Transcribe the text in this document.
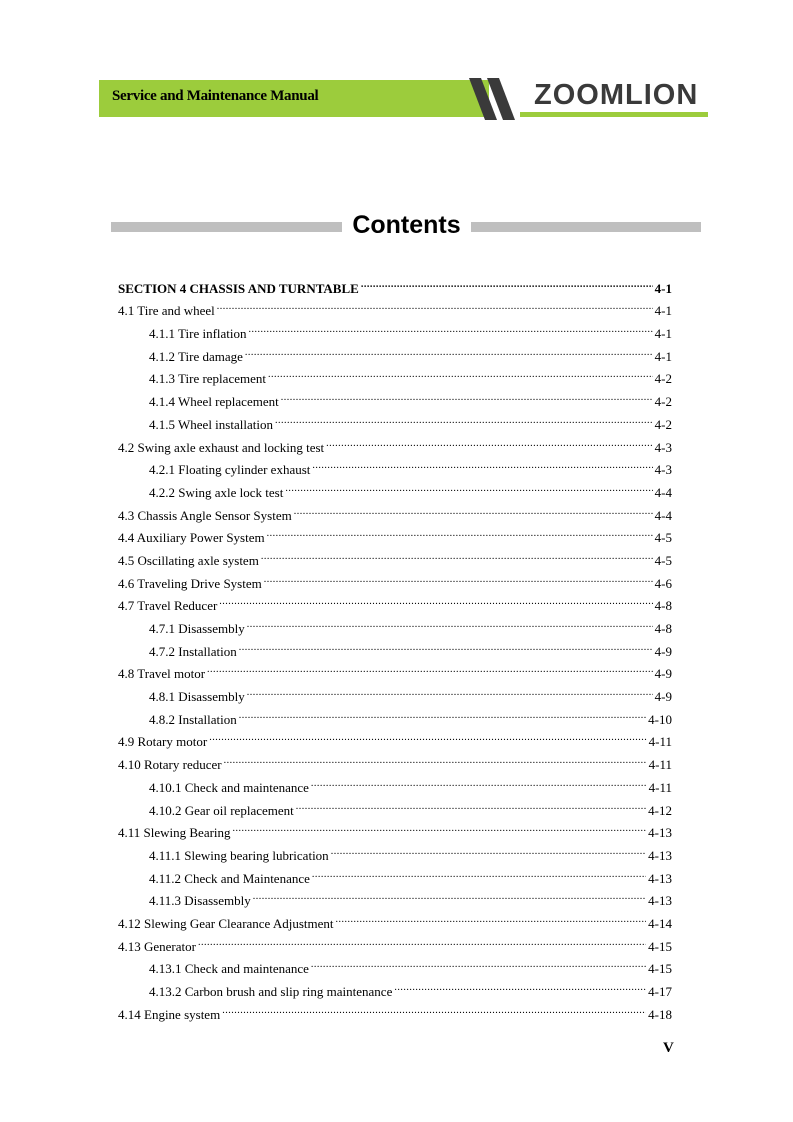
Service and Maintenance Manual	ZOOMLION
Contents
SECTION 4 CHASSIS AND TURNTABLE .....	4-1
4.1 Tire and wheel .....	4-1
4.1.1 Tire inflation .....	4-1
4.1.2 Tire damage .....	4-1
4.1.3 Tire replacement .....	4-2
4.1.4 Wheel replacement .....	4-2
4.1.5 Wheel installation .....	4-2
4.2 Swing axle exhaust and locking test .....	4-3
4.2.1 Floating cylinder exhaust .....	4-3
4.2.2 Swing axle lock test .....	4-4
4.3 Chassis Angle Sensor System .....	4-4
4.4 Auxiliary Power System .....	4-5
4.5 Oscillating axle system .....	4-5
4.6 Traveling Drive System .....	4-6
4.7 Travel Reducer .....	4-8
4.7.1 Disassembly .....	4-8
4.7.2 Installation .....	4-9
4.8 Travel motor .....	4-9
4.8.1 Disassembly .....	4-9
4.8.2 Installation .....	4-10
4.9 Rotary motor .....	4-11
4.10 Rotary reducer .....	4-11
4.10.1 Check and maintenance .....	4-11
4.10.2 Gear oil replacement .....	4-12
4.11 Slewing Bearing .....	4-13
4.11.1 Slewing bearing lubrication .....	4-13
4.11.2 Check and Maintenance .....	4-13
4.11.3 Disassembly .....	4-13
4.12 Slewing Gear Clearance Adjustment .....	4-14
4.13 Generator .....	4-15
4.13.1 Check and maintenance .....	4-15
4.13.2 Carbon brush and slip ring maintenance .....	4-17
4.14 Engine system .....	4-18
V
